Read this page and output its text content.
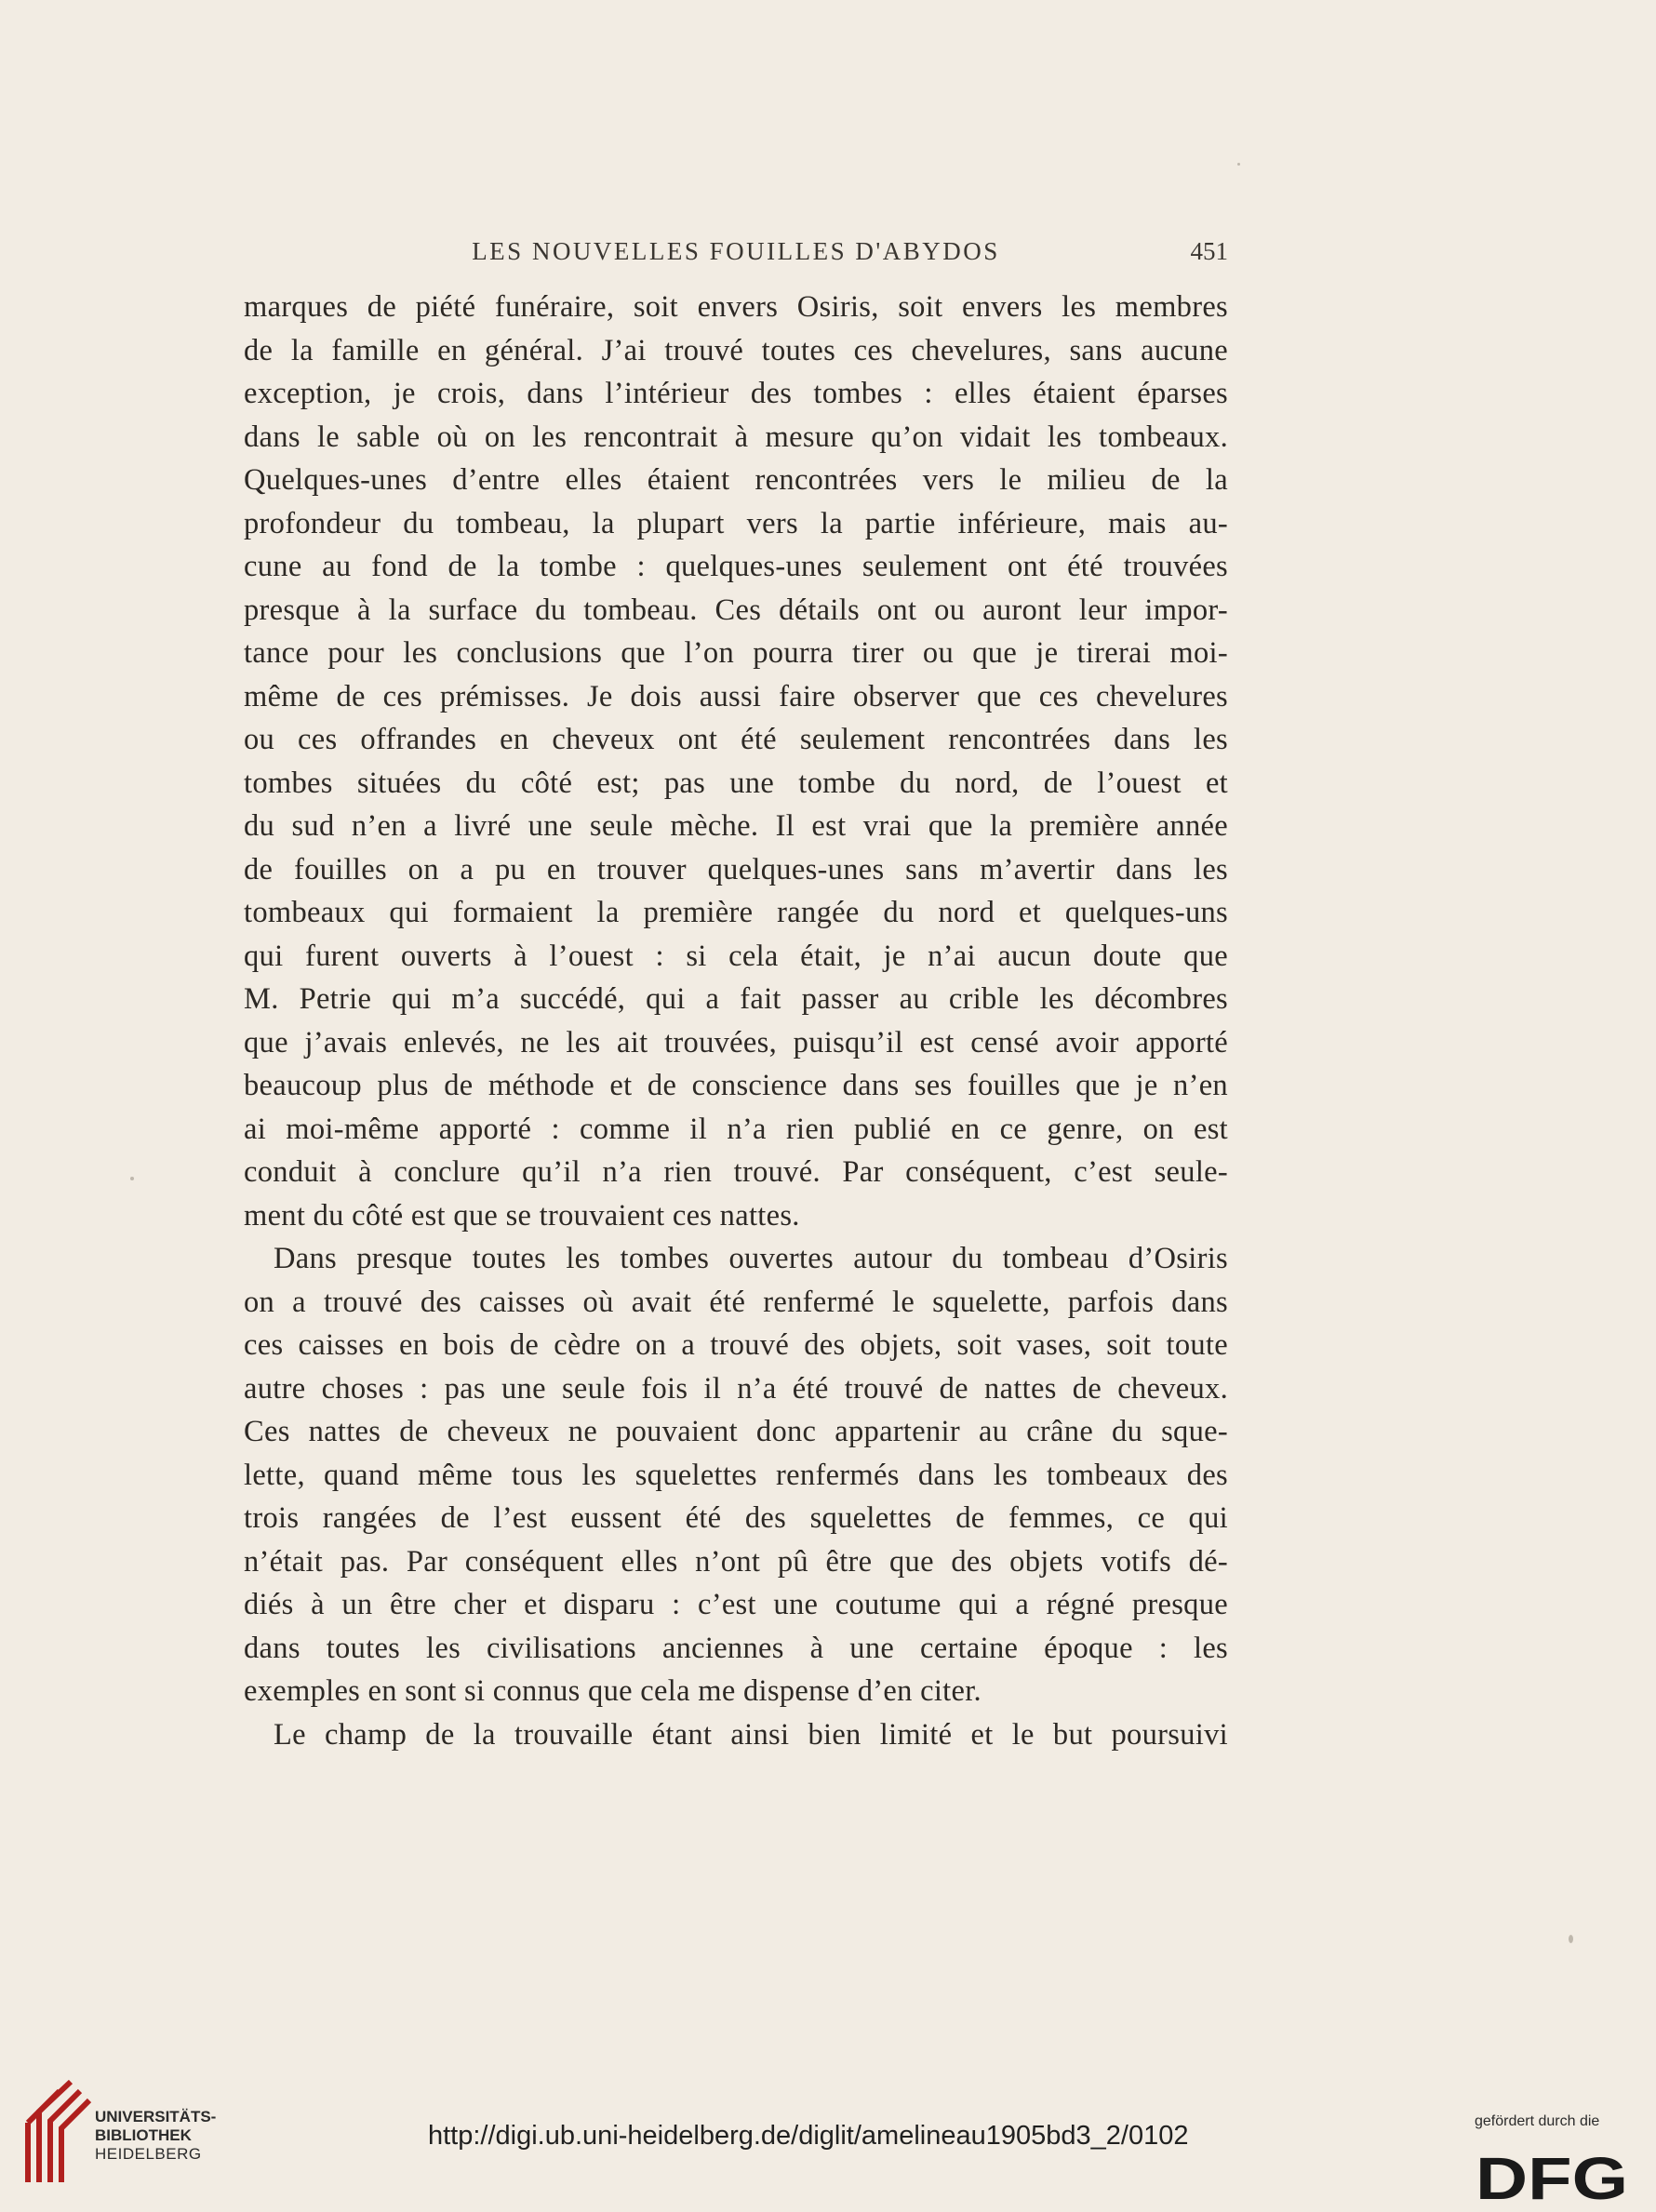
LES NOUVELLES FOUILLES D'ABYDOS	451
marques de piété funéraire, soit envers Osiris, soit envers les membres
de la famille en général. J’ai trouvé toutes ces chevelures, sans aucune
exception, je crois, dans l’intérieur des tombes : elles étaient éparses
dans le sable où on les rencontrait à mesure qu’on vidait les tombeaux.
Quelques-unes d’entre elles étaient rencontrées vers le milieu de la
profondeur du tombeau, la plupart vers la partie inférieure, mais au-
cune au fond de la tombe : quelques-unes seulement ont été trouvées
presque à la surface du tombeau. Ces détails ont ou auront leur impor-
tance pour les conclusions que l’on pourra tirer ou que je tirerai moi-
même de ces prémisses. Je dois aussi faire observer que ces chevelures
ou ces offrandes en cheveux ont été seulement rencontrées dans les
tombes situées du côté est; pas une tombe du nord, de l’ouest et
du sud n’en a livré une seule mèche. Il est vrai que la première année
de fouilles on a pu en trouver quelques-unes sans m’avertir dans les
tombeaux qui formaient la première rangée du nord et quelques-uns
qui furent ouverts à l’ouest : si cela était, je n’ai aucun doute que
M. Petrie qui m’a succédé, qui a fait passer au crible les décombres
que j’avais enlevés, ne les ait trouvées, puisqu’il est censé avoir apporté
beaucoup plus de méthode et de conscience dans ses fouilles que je n’en
ai moi-même apporté : comme il n’a rien publié en ce genre, on est
conduit à conclure qu’il n’a rien trouvé. Par conséquent, c’est seule-
ment du côté est que se trouvaient ces nattes.
Dans presque toutes les tombes ouvertes autour du tombeau d’Osiris
on a trouvé des caisses où avait été renfermé le squelette, parfois dans
ces caisses en bois de cèdre on a trouvé des objets, soit vases, soit toute
autre choses : pas une seule fois il n’a été trouvé de nattes de cheveux.
Ces nattes de cheveux ne pouvaient donc appartenir au crâne du sque-
lette, quand même tous les squelettes renfermés dans les tombeaux des
trois rangées de l’est eussent été des squelettes de femmes, ce qui
n’était pas. Par conséquent elles n’ont pû être que des objets votifs dé-
diés à un être cher et disparu : c’est une coutume qui a régné presque
dans toutes les civilisations anciennes à une certaine époque : les
exemples en sont si connus que cela me dispense d’en citer.
Le champ de la trouvaille étant ainsi bien limité et le but poursuivi
UNIVERSITÄTS-
BIBLIOTHEK
HEIDELBERG
http://digi.ub.uni-heidelberg.de/diglit/amelineau1905bd3_2/0102	gefördert durch die
DFG
